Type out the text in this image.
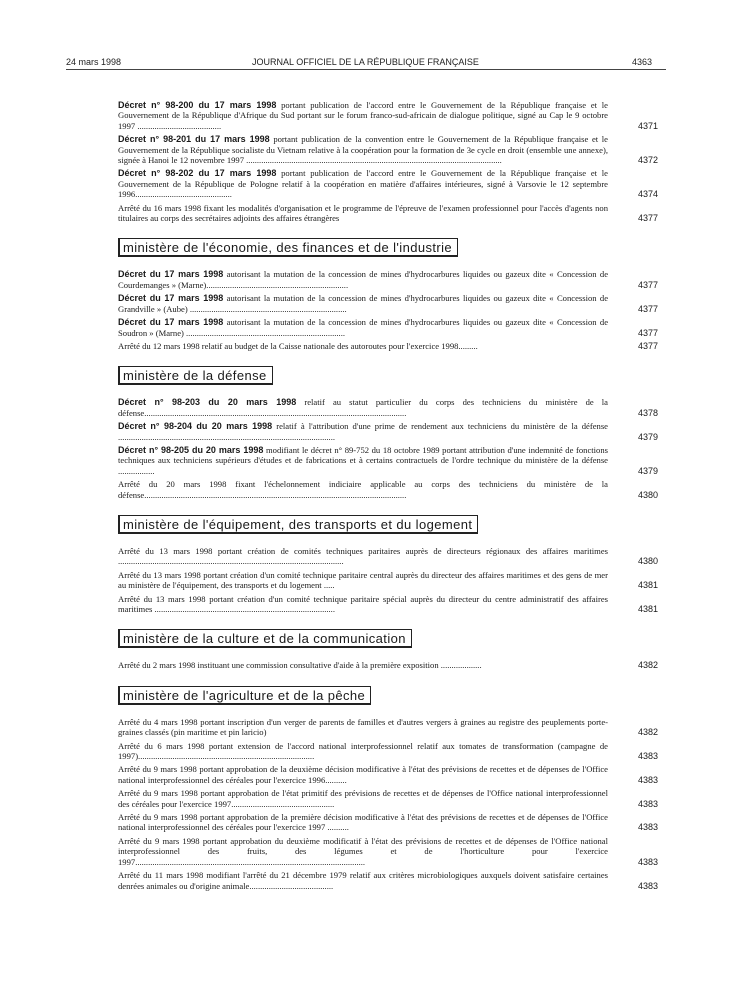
24 mars 1998	JOURNAL OFFICIEL DE LA RÉPUBLIQUE FRANÇAISE	4363
Décret n° 98-200 du 17 mars 1998 portant publication de l'accord entre le Gouvernement de la République française et le Gouvernement de la République d'Afrique du Sud portant sur le forum franco-sud-africain de dialogue politique, signé au Cap le 9 octobre 1997 .......................................	4371
Décret n° 98-201 du 17 mars 1998 portant publication de la convention entre le Gouvernement de la République française et le Gouvernement de la République socialiste du Vietnam relative à la coopération pour la formation de 3e cycle en droit (ensemble une annexe), signée à Hanoi le 12 novembre 1997 .......................................................................................................................	4372
Décret n° 98-202 du 17 mars 1998 portant publication de l'accord entre le Gouvernement de la République française et le Gouvernement de la République de Pologne relatif à la coopération en matière d'affaires intérieures, signé à Varsovie le 12 septembre 1996.............................................	4374
Arrêté du 16 mars 1998 fixant les modalités d'organisation et le programme de l'épreuve de l'examen professionnel pour l'accès d'agents non titulaires au corps des secrétaires adjoints des affaires étrangères	4377
ministère de l'économie, des finances et de l'industrie
Décret du 17 mars 1998 autorisant la mutation de la concession de mines d'hydrocarbures liquides ou gazeux dite « Concession de Courdemanges » (Marne)..................................................................	4377
Décret du 17 mars 1998 autorisant la mutation de la concession de mines d'hydrocarbures liquides ou gazeux dite « Concession de Grandville » (Aube) .........................................................................	4377
Décret du 17 mars 1998 autorisant la mutation de la concession de mines d'hydrocarbures liquides ou gazeux dite « Concession de Soudron » (Marne) ..........................................................................	4377
Arrêté du 12 mars 1998 relatif au budget de la Caisse nationale des autoroutes pour l'exercice 1998.........	4377
ministère de la défense
Décret n° 98-203 du 20 mars 1998 relatif au statut particulier du corps des techniciens du ministère de la défense..........................................................................................................................	4378
Décret n° 98-204 du 20 mars 1998 relatif à l'attribution d'une prime de rendement aux techniciens du ministère de la défense .....................................................................................................	4379
Décret n° 98-205 du 20 mars 1998 modifiant le décret n° 89-752 du 18 octobre 1989 portant attribution d'une indemnité de fonctions techniques aux techniciens supérieurs d'études et de fabrications et à certains contractuels de l'ordre technique du ministère de la défense .................	4379
Arrêté du 20 mars 1998 fixant l'échelonnement indiciaire applicable au corps des techniciens du ministère de la défense..........................................................................................................................	4380
ministère de l'équipement, des transports et du logement
Arrêté du 13 mars 1998 portant création de comités techniques paritaires auprès de directeurs régionaux des affaires maritimes .........................................................................................................	4380
Arrêté du 13 mars 1998 portant création d'un comité technique paritaire central auprès du directeur des affaires maritimes et des gens de mer au ministère de l'équipement, des transports et du logement .....	4381
Arrêté du 13 mars 1998 portant création d'un comité technique paritaire spécial auprès du directeur du centre administratif des affaires maritimes ....................................................................................	4381
ministère de la culture et de la communication
Arrêté du 2 mars 1998 instituant une commission consultative d'aide à la première exposition ...................	4382
ministère de l'agriculture et de la pêche
Arrêté du 4 mars 1998 portant inscription d'un verger de parents de familles et d'autres vergers à graines au registre des peuplements porte-graines classés (pin maritime et pin laricio)	4382
Arrêté du 6 mars 1998 portant extension de l'accord national interprofessionnel relatif aux tomates de transformation (campagne de 1997)..................................................................................	4383
Arrêté du 9 mars 1998 portant approbation de la deuxième décision modificative à l'état des prévisions de recettes et de dépenses de l'Office national interprofessionnel des céréales pour l'exercice 1996..........	4383
Arrêté du 9 mars 1998 portant approbation de l'état primitif des prévisions de recettes et de dépenses de l'Office national interprofessionnel des céréales pour l'exercice 1997................................................	4383
Arrêté du 9 mars 1998 portant approbation de la première décision modificative à l'état des prévisions de recettes et de dépenses de l'Office national interprofessionnel des céréales pour l'exercice 1997 ..........	4383
Arrêté du 9 mars 1998 portant approbation du deuxième modificatif à l'état des prévisions de recettes et de dépenses de l'Office national interprofessionnel des fruits, des légumes et de l'horticulture pour l'exercice 1997...........................................................................................................	4383
Arrêté du 11 mars 1998 modifiant l'arrêté du 21 décembre 1979 relatif aux critères microbiologiques auxquels doivent satisfaire certaines denrées animales ou d'origine animale.......................................	4383
